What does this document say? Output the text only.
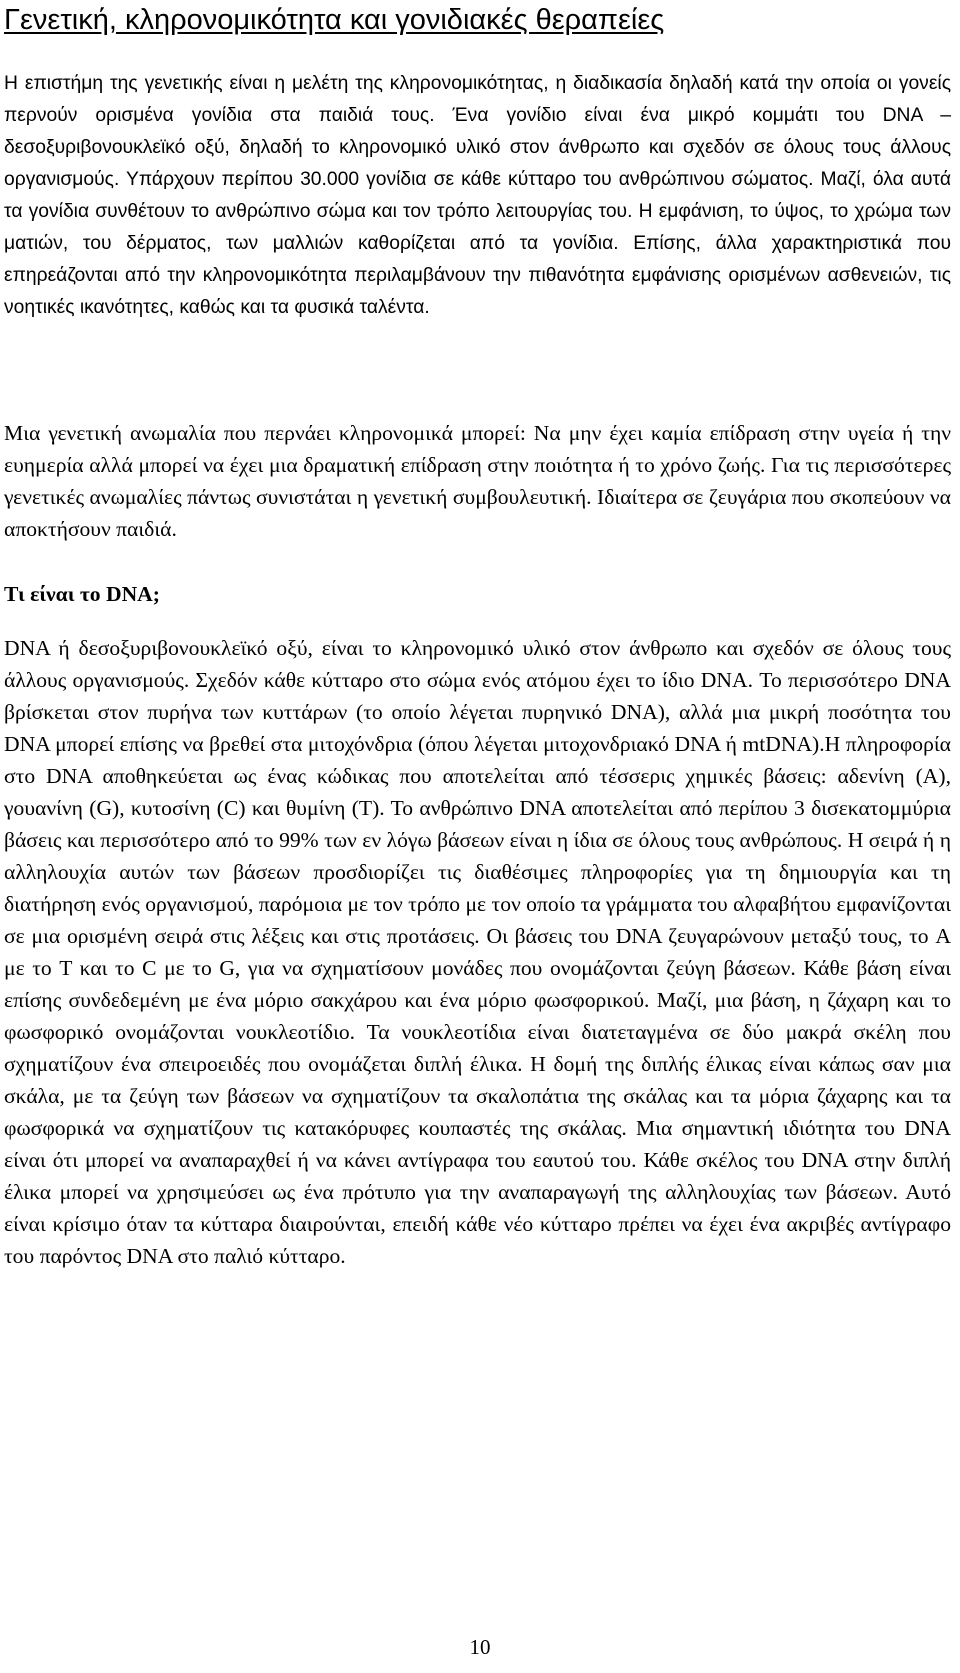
Γενετική, κληρονομικότητα και γονιδιακές θεραπείες

Η επιστήμη της γενετικής είναι η μελέτη της κληρονομικότητας, η διαδικασία δηλαδή κατά την οποία οι γονείς περνούν ορισμένα γονίδια στα παιδιά τους. Ένα γονίδιο είναι ένα μικρό κομμάτι του DNA – δεσοξυριβονουκλεϊκό οξύ, δηλαδή το κληρονομικό υλικό στον άνθρωπο και σχεδόν σε όλους τους άλλους οργανισμούς. Υπάρχουν περίπου 30.000 γονίδια σε κάθε κύτταρο του ανθρώπινου σώματος. Μαζί, όλα αυτά τα γονίδια συνθέτουν το ανθρώπινο σώμα και τον τρόπο λειτουργίας του. Η εμφάνιση, το ύψος, το χρώμα των ματιών, του δέρματος, των μαλλιών καθορίζεται από τα γονίδια. Επίσης, άλλα χαρακτηριστικά που επηρεάζονται από την κληρονομικότητα περιλαμβάνουν την πιθανότητα εμφάνισης ορισμένων ασθενειών, τις νοητικές ικανότητες, καθώς και τα φυσικά ταλέντα.

Μια γενετική ανωμαλία που περνάει κληρονομικά μπορεί: Να μην έχει καμία επίδραση στην υγεία ή την ευημερία αλλά μπορεί να έχει μια δραματική επίδραση στην ποιότητα ή το χρόνο ζωής. Για τις περισσότερες γενετικές ανωμαλίες πάντως συνιστάται η γενετική συμβουλευτική. Ιδιαίτερα σε ζευγάρια που σκοπεύουν να αποκτήσουν παιδιά.

Τι είναι το DNA;

DNA ή δεσοξυριβονουκλεϊκό οξύ, είναι το κληρονομικό υλικό στον άνθρωπο και σχεδόν σε όλους τους άλλους οργανισμούς. Σχεδόν κάθε κύτταρο στο σώμα ενός ατόμου έχει το ίδιο DNA. Το περισσότερο DNA βρίσκεται στον πυρήνα των κυττάρων (το οποίο λέγεται πυρηνικό DNA), αλλά μια μικρή ποσότητα του DNA μπορεί επίσης να βρεθεί στα μιτοχόνδρια (όπου λέγεται μιτοχονδριακό DNA ή mtDNA).Η πληροφορία στο DNA αποθηκεύεται ως ένας κώδικας που αποτελείται από τέσσερις χημικές βάσεις: αδενίνη (A), γουανίνη (G), κυτοσίνη (C) και θυμίνη (T). Το ανθρώπινο DNA αποτελείται από περίπου 3 δισεκατομμύρια βάσεις και περισσότερο από το 99% των εν λόγω βάσεων είναι η ίδια σε όλους τους ανθρώπους. Η σειρά ή η αλληλουχία αυτών των βάσεων προσδιορίζει τις διαθέσιμες πληροφορίες για τη δημιουργία και τη διατήρηση ενός οργανισμού, παρόμοια με τον τρόπο με τον οποίο τα γράμματα του αλφαβήτου εμφανίζονται σε μια ορισμένη σειρά στις λέξεις και στις προτάσεις. Οι βάσεις του DNA ζευγαρώνουν μεταξύ τους, το A με το T και το C με το G, για να σχηματίσουν μονάδες που ονομάζονται ζεύγη βάσεων. Κάθε βάση είναι επίσης συνδεδεμένη με ένα μόριο σακχάρου και ένα μόριο φωσφορικού. Μαζί, μια βάση, η ζάχαρη και το φωσφορικό ονομάζονται νουκλεοτίδιο. Τα νουκλεοτίδια είναι διατεταγμένα σε δύο μακρά σκέλη που σχηματίζουν ένα σπειροειδές που ονομάζεται διπλή έλικα. Η δομή της διπλής έλικας είναι κάπως σαν μια σκάλα, με τα ζεύγη των βάσεων να σχηματίζουν τα σκαλοπάτια της σκάλας και τα μόρια ζάχαρης και τα φωσφορικά να σχηματίζουν τις κατακόρυφες κουπαστές της σκάλας. Μια σημαντική ιδιότητα του DNA είναι ότι μπορεί να αναπαραχθεί ή να κάνει αντίγραφα του εαυτού του. Κάθε σκέλος του DNA στην διπλή έλικα μπορεί να χρησιμεύσει ως ένα πρότυπο για την αναπαραγωγή της αλληλουχίας των βάσεων. Αυτό είναι κρίσιμο όταν τα κύτταρα διαιρούνται, επειδή κάθε νέο κύτταρο πρέπει να έχει ένα ακριβές αντίγραφο του παρόντος DNA στο παλιό κύτταρο.

10
